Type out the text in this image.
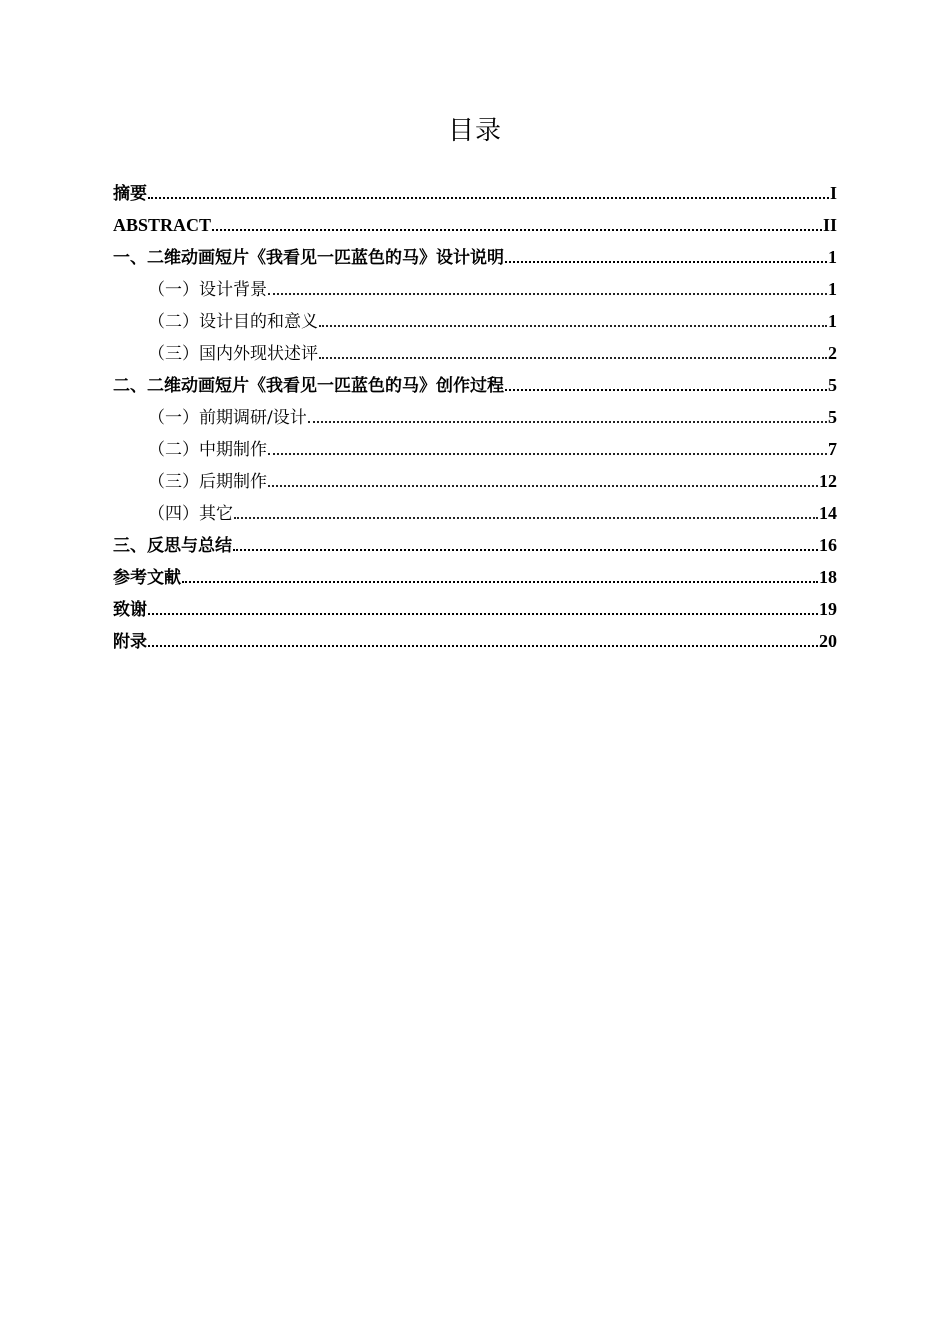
目录
摘要	I
ABSTRACT	II
一、二维动画短片《我看见一匹蓝色的马》设计说明	1
（一）设计背景	1
（二）设计目的和意义	1
（三）国内外现状述评	2
二、二维动画短片《我看见一匹蓝色的马》创作过程	5
（一）前期调研/设计	5
（二）中期制作	7
（三）后期制作	12
（四）其它	14
三、反思与总结	16
参考文献	18
致谢	19
附录	20
